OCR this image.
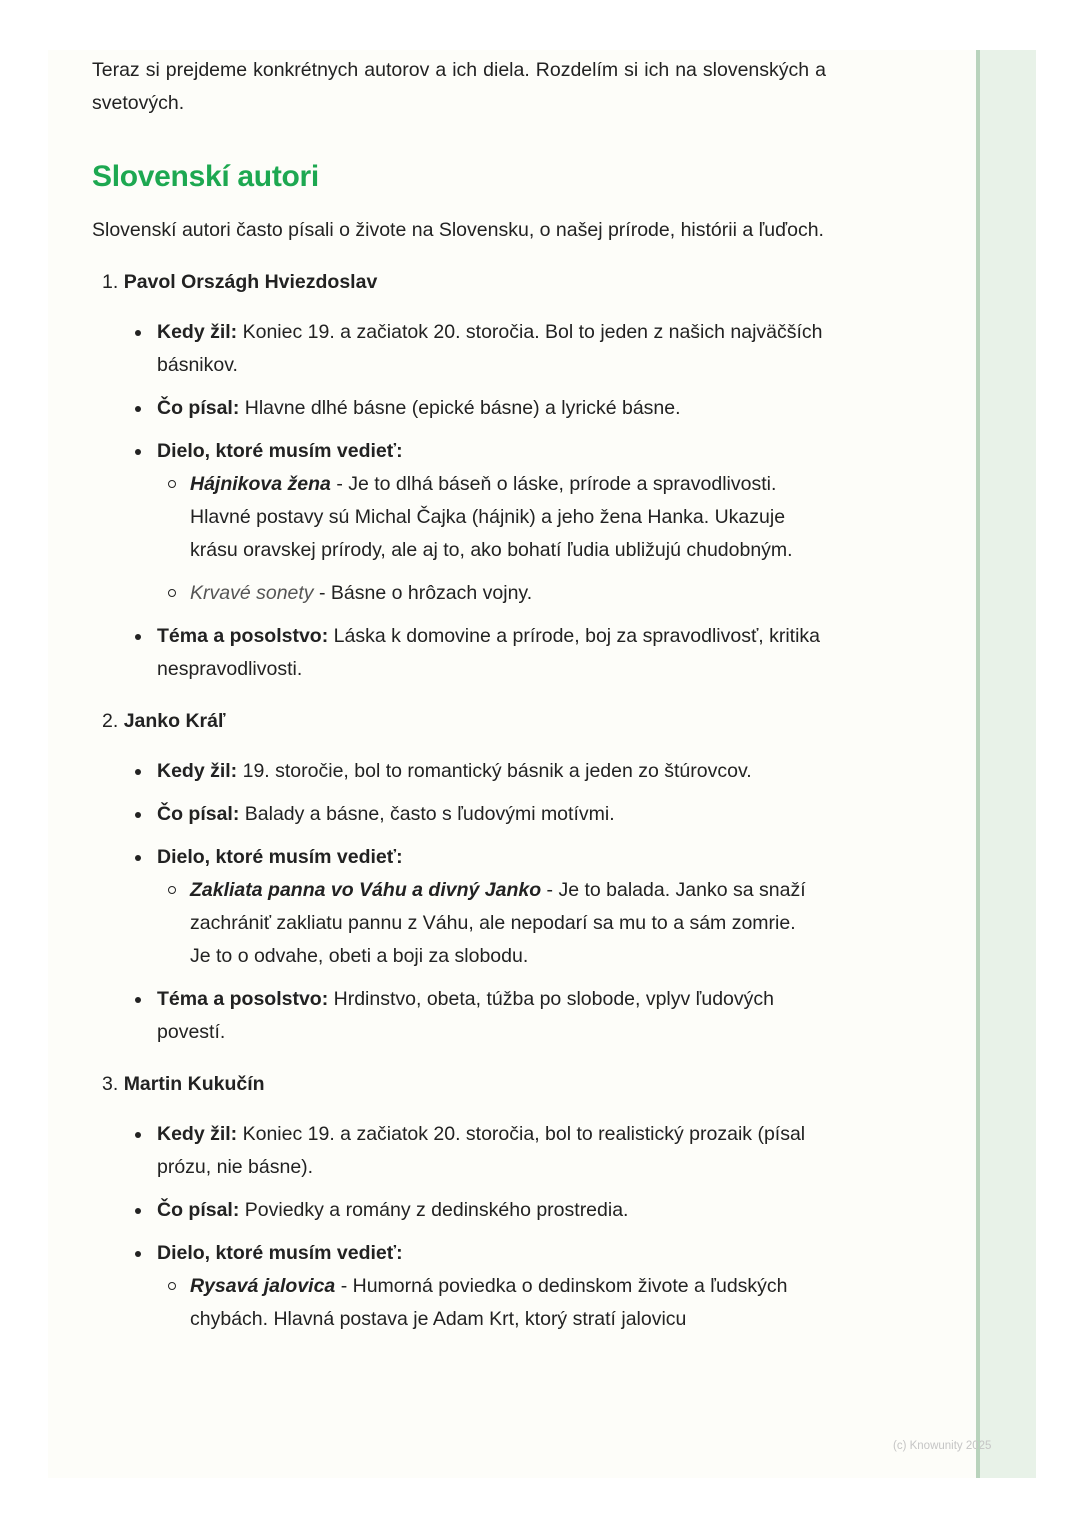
Teraz si prejdeme konkrétnych autorov a ich diela. Rozdelím si ich na slovenských a svetových.

Slovenskí autori

Slovenskí autori často písali o živote na Slovensku, o našej prírode, histórii a ľuďoch.

1. Pavol Országh Hviezdoslav
Kedy žil: Koniec 19. a začiatok 20. storočia. Bol to jeden z našich najväčších básnikov.
Čo písal: Hlavne dlhé básne (epické básne) a lyrické básne.
Dielo, ktoré musím vedieť:
Hájnikova žena - Je to dlhá báseň o láske, prírode a spravodlivosti. Hlavné postavy sú Michal Čajka (hájnik) a jeho žena Hanka. Ukazuje krásu oravskej prírody, ale aj to, ako bohatí ľudia ubližujú chudobným.
Krvavé sonety - Básne o hrôzach vojny.
Téma a posolstvo: Láska k domovine a prírode, boj za spravodlivosť, kritika nespravodlivosti.
2. Janko Kráľ
Kedy žil: 19. storočie, bol to romantický básnik a jeden zo štúrovcov.
Čo písal: Balady a básne, často s ľudovými motívmi.
Dielo, ktoré musím vedieť:
Zakliata panna vo Váhu a divný Janko - Je to balada. Janko sa snaží zachrániť zakliatu pannu z Váhu, ale nepodarí sa mu to a sám zomrie. Je to o odvahe, obeti a boji za slobodu.
Téma a posolstvo: Hrdinstvo, obeta, túžba po slobode, vplyv ľudových povestí.
3. Martin Kukučín
Kedy žil: Koniec 19. a začiatok 20. storočia, bol to realistický prozaik (písal prózu, nie básne).
Čo písal: Poviedky a romány z dedinského prostredia.
Dielo, ktoré musím vedieť:
Rysavá jalovica - Humorná poviedka o dedinskom živote a ľudských chybách. Hlavná postava je Adam Krt, ktorý stratí jalovicu
(c) Knowunity 2025
